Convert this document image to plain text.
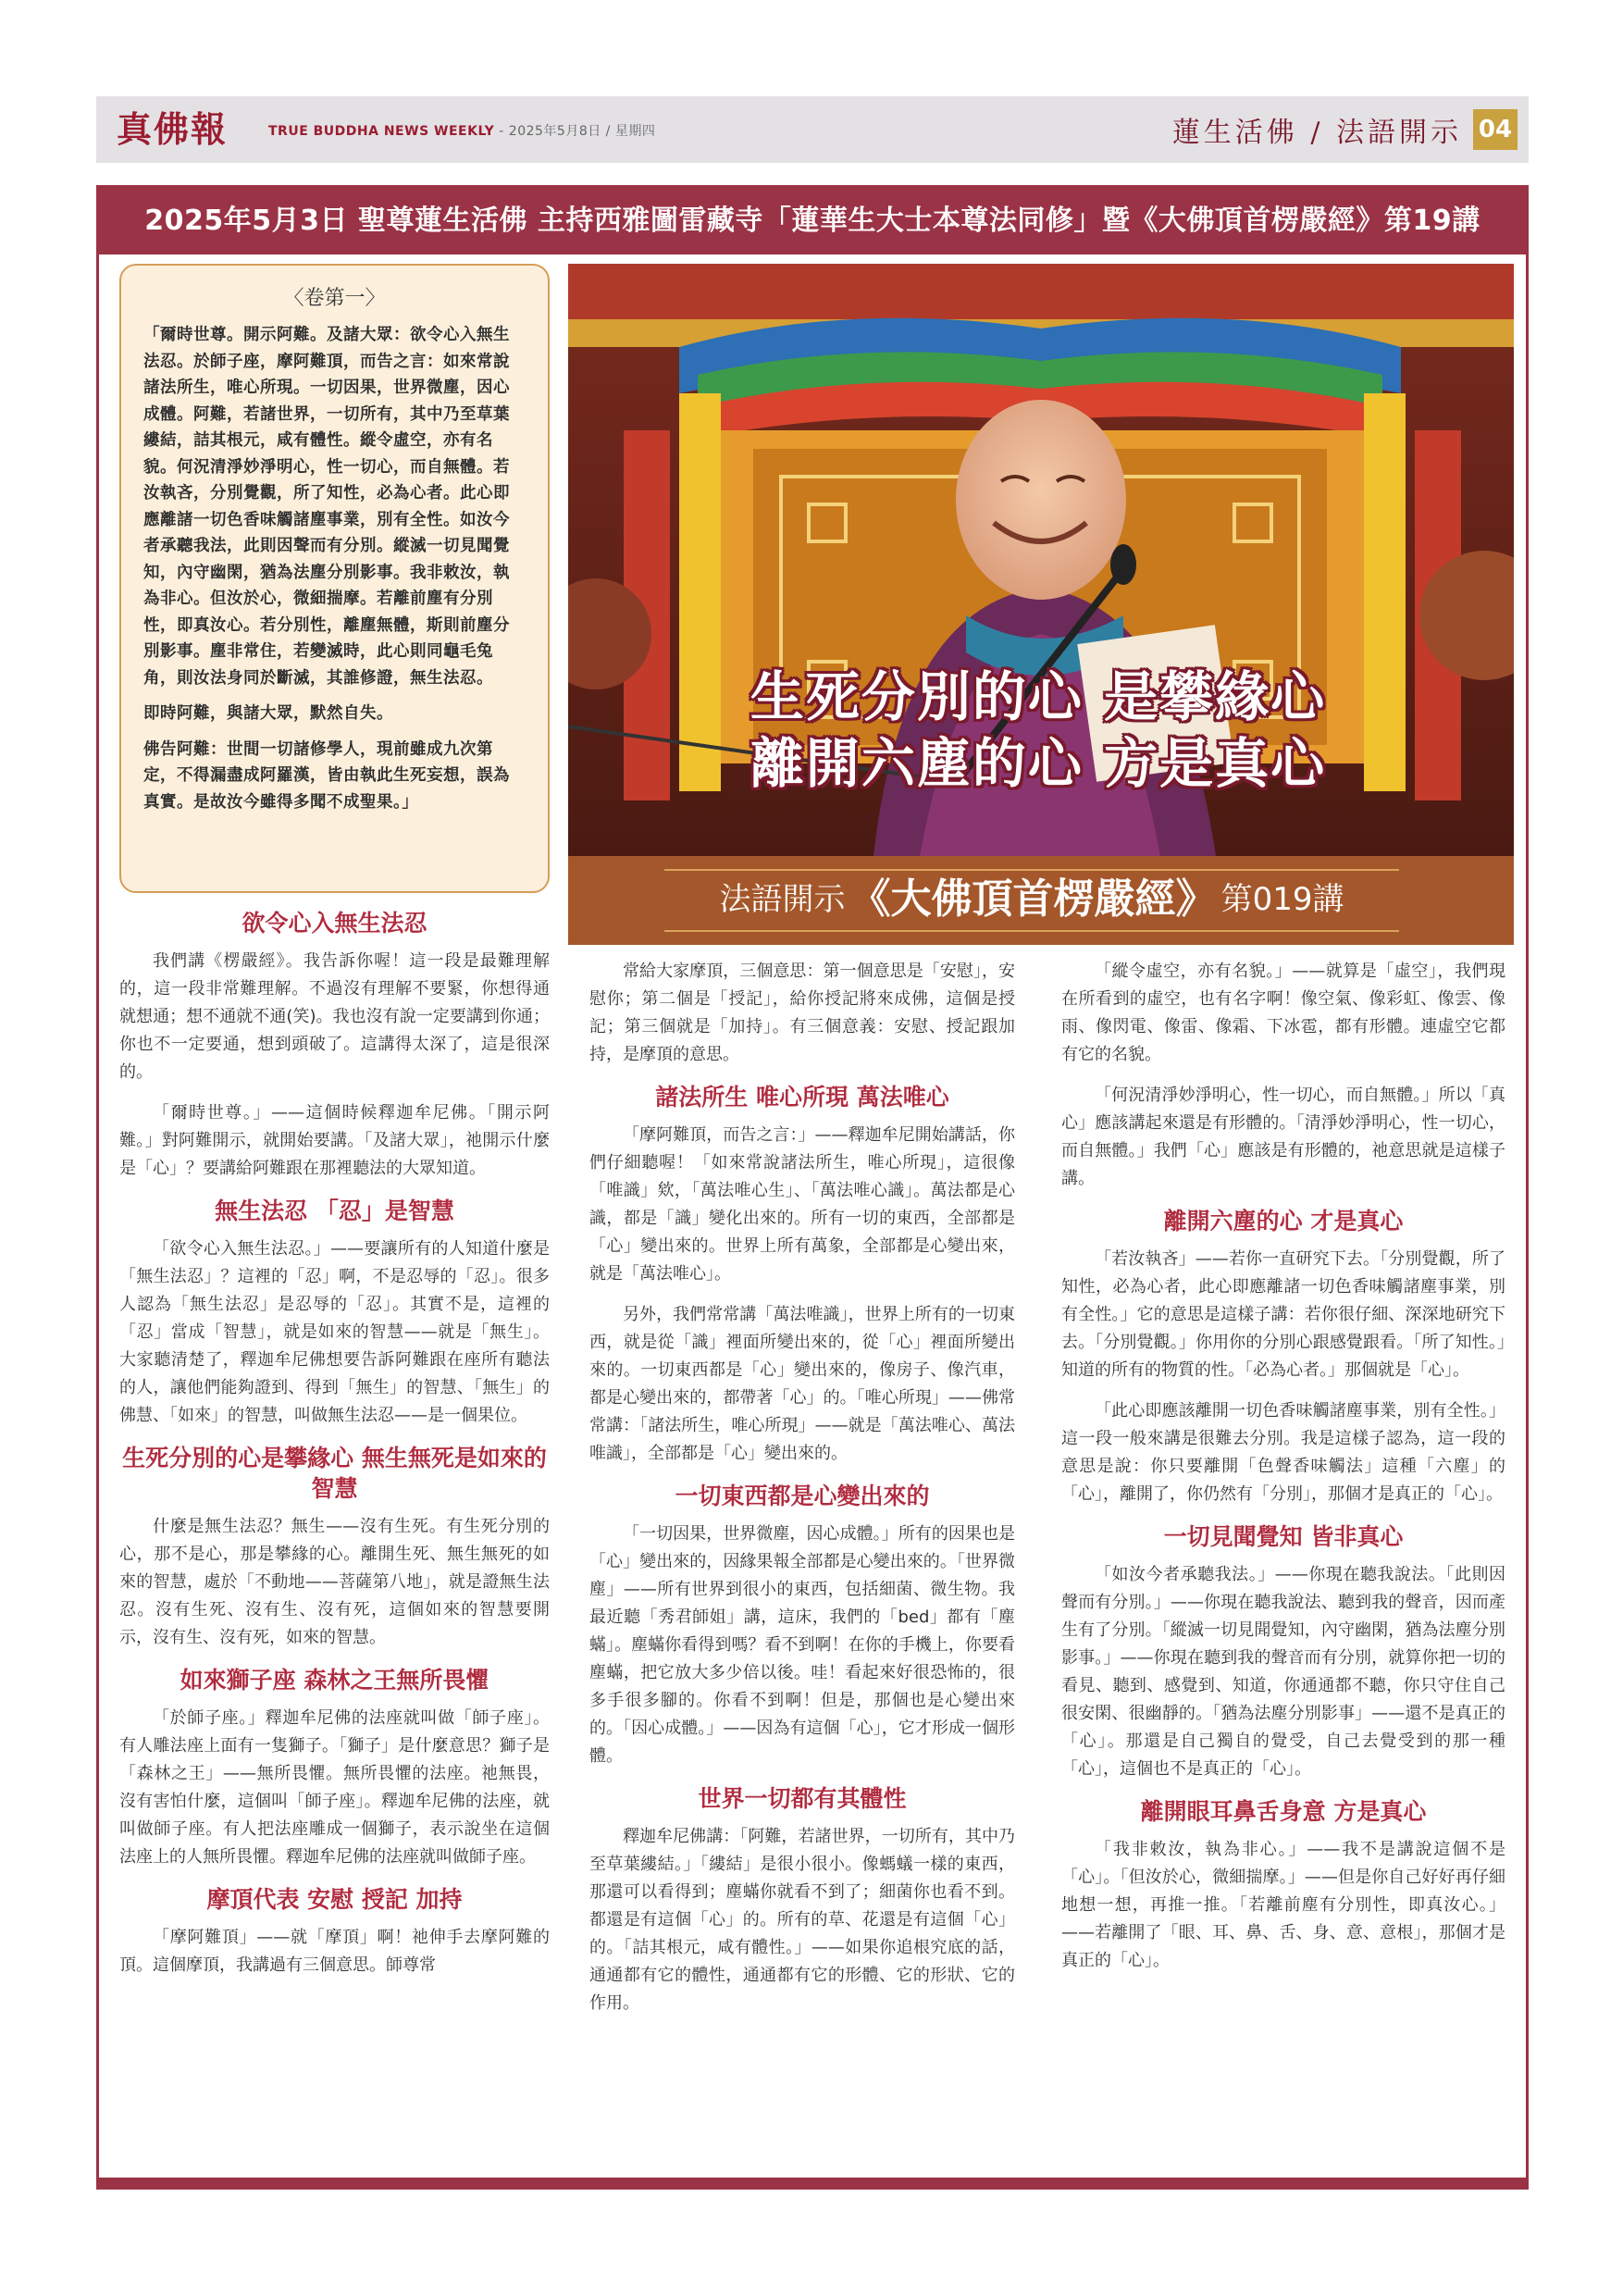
真佛報	TRUE BUDDHA NEWS WEEKLY - 2025年5月8日 / 星期四	蓮生活佛 / 法語開示 04
2025年5月3日 聖尊蓮生活佛 主持西雅圖雷藏寺「蓮華生大士本尊法同修」暨《大佛頂首楞嚴經》第19講
〈卷第一〉

「爾時世尊。開示阿難。及諸大眾：欲令心入無生法忍。於師子座，摩阿難頂，而告之言：如來常說諸法所生，唯心所現。一切因果，世界微塵，因心成體。阿難，若諸世界，一切所有，其中乃至草葉縷結，詰其根元，咸有體性。縱令虛空，亦有名貌。何況清淨妙淨明心，性一切心，而自無體。若汝執吝，分別覺觀，所了知性，必為心者。此心即應離諸一切色香味觸諸塵事業，別有全性。如汝今者承聽我法，此則因聲而有分別。縱滅一切見聞覺知，內守幽閑，猶為法塵分別影事。我非敕汝，執為非心。但汝於心，微細揣摩。若離前塵有分別性，即真汝心。若分別性，離塵無體，斯則前塵分別影事。塵非常住，若變滅時，此心則同龜毛兔角，則汝法身同於斷滅，其誰修證，無生法忍。

即時阿難，與諸大眾，默然自失。

佛告阿難：世間一切諸修學人，現前雖成九次第定，不得漏盡成阿羅漢，皆由執此生死妄想，誤為真實。是故汝今雖得多聞不成聖果。」

生死分別的心 是攀緣心
離開六塵的心 方是真心
法語開示 《大佛頂首楞嚴經》 第019講
欲令心入無生法忍

我們講《楞嚴經》。我告訴你喔！這一段是最難理解的，這一段非常難理解。不過沒有理解不要緊，你想得通就想通；想不通就不通(笑)。我也沒有說一定要講到你通；你也不一定要通，想到頭破了。這講得太深了，這是很深的。

「爾時世尊。」——這個時候釋迦牟尼佛。「開示阿難。」對阿難開示，就開始要講。「及諸大眾」，祂開示什麼是「心」？要講給阿難跟在那裡聽法的大眾知道。

無生法忍 「忍」是智慧

「欲令心入無生法忍。」——要讓所有的人知道什麼是「無生法忍」？這裡的「忍」啊，不是忍辱的「忍」。很多人認為「無生法忍」是忍辱的「忍」。其實不是，這裡的「忍」當成「智慧」，就是如來的智慧——就是「無生」。大家聽清楚了，釋迦牟尼佛想要告訴阿難跟在座所有聽法的人，讓他們能夠證到、得到「無生」的智慧、「無生」的佛慧、「如來」的智慧，叫做無生法忍——是一個果位。

生死分別的心是攀緣心 無生無死是如來的智慧

什麼是無生法忍？無生——沒有生死。有生死分別的心，那不是心，那是攀緣的心。離開生死、無生無死的如來的智慧，處於「不動地——菩薩第八地」，就是證無生法忍。沒有生死、沒有生、沒有死，這個如來的智慧要開示，沒有生、沒有死，如來的智慧。

如來獅子座 森林之王無所畏懼

「於師子座。」釋迦牟尼佛的法座就叫做「師子座」。有人雕法座上面有一隻獅子。「獅子」是什麼意思？獅子是「森林之王」——無所畏懼。無所畏懼的法座。祂無畏，沒有害怕什麼，這個叫「師子座」。釋迦牟尼佛的法座，就叫做師子座。有人把法座雕成一個獅子，表示說坐在這個法座上的人無所畏懼。釋迦牟尼佛的法座就叫做師子座。

摩頂代表 安慰 授記 加持

「摩阿難頂」——就「摩頂」啊！祂伸手去摩阿難的頂。這個摩頂，我講過有三個意思。師尊常

常給大家摩頂，三個意思：第一個意思是「安慰」，安慰你；第二個是「授記」，給你授記將來成佛，這個是授記；第三個就是「加持」。有三個意義：安慰、授記跟加持，是摩頂的意思。

諸法所生 唯心所現 萬法唯心

「摩阿難頂，而告之言：」——釋迦牟尼開始講話，你們仔細聽喔！「如來常說諸法所生，唯心所現」，這很像「唯識」欸，「萬法唯心生」、「萬法唯心識」。萬法都是心識，都是「識」變化出來的。所有一切的東西，全部都是「心」變出來的。世界上所有萬象，全部都是心變出來，就是「萬法唯心」。

另外，我們常常講「萬法唯識」，世界上所有的一切東西，就是從「識」裡面所變出來的，從「心」裡面所變出來的。一切東西都是「心」變出來的，像房子、像汽車，都是心變出來的，都帶著「心」的。「唯心所現」——佛常常講：「諸法所生，唯心所現」——就是「萬法唯心、萬法唯識」，全部都是「心」變出來的。

一切東西都是心變出來的

「一切因果，世界微塵，因心成體。」所有的因果也是「心」變出來的，因緣果報全部都是心變出來的。「世界微塵」——所有世界到很小的東西，包括細菌、微生物。我最近聽「秀君師姐」講，這床，我們的「bed」都有「塵蟎」。塵蟎你看得到嗎？看不到啊！在你的手機上，你要看塵蟎，把它放大多少倍以後。哇！看起來好很恐怖的，很多手很多腳的。你看不到啊！但是，那個也是心變出來的。「因心成體。」——因為有這個「心」，它才形成一個形體。

世界一切都有其體性

釋迦牟尼佛講：「阿難，若諸世界，一切所有，其中乃至草葉縷結。」「縷結」是很小很小。像螞蟻一樣的東西，那還可以看得到；塵蟎你就看不到了；細菌你也看不到。都還是有這個「心」的。所有的草、花還是有這個「心」的。「詰其根元，咸有體性。」——如果你追根究底的話，通通都有它的體性，通通都有它的形體、它的形狀、它的作用。

「縱令虛空，亦有名貌。」——就算是「虛空」，我們現在所看到的虛空，也有名字啊！像空氣、像彩虹、像雲、像雨、像閃電、像雷、像霜、下冰雹，都有形體。連虛空它都有它的名貌。

「何況清淨妙淨明心，性一切心，而自無體。」所以「真心」應該講起來還是有形體的。「清淨妙淨明心，性一切心，而自無體。」我們「心」應該是有形體的，祂意思就是這樣子講。

離開六塵的心 才是真心

「若汝執吝」——若你一直研究下去。「分別覺觀，所了知性，必為心者，此心即應離諸一切色香味觸諸塵事業，別有全性。」它的意思是這樣子講：若你很仔細、深深地研究下去。「分別覺觀。」你用你的分別心跟感覺跟看。「所了知性。」知道的所有的物質的性。「必為心者。」那個就是「心」。

「此心即應該離開一切色香味觸諸塵事業，別有全性。」這一段一般來講是很難去分別。我是這樣子認為，這一段的意思是說：你只要離開「色聲香味觸法」這種「六塵」的「心」，離開了，你仍然有「分別」，那個才是真正的「心」。

一切見聞覺知 皆非真心

「如汝今者承聽我法。」——你現在聽我說法。「此則因聲而有分別。」——你現在聽我說法、聽到我的聲音，因而產生有了分別。「縱滅一切見聞覺知，內守幽閑，猶為法塵分別影事。」——你現在聽到我的聲音而有分別，就算你把一切的看見、聽到、感覺到、知道，你通通都不聽，你只守住自己很安閑、很幽靜的。「猶為法塵分別影事」——還不是真正的「心」。那還是自己獨自的覺受，自己去覺受到的那一種「心」，這個也不是真正的「心」。

離開眼耳鼻舌身意 方是真心

「我非敕汝，執為非心。」——我不是講說這個不是「心」。「但汝於心，微細揣摩。」——但是你自己好好再仔細地想一想，再推一推。「若離前塵有分別性，即真汝心。」——若離開了「眼、耳、鼻、舌、身、意、意根」，那個才是真正的「心」。
